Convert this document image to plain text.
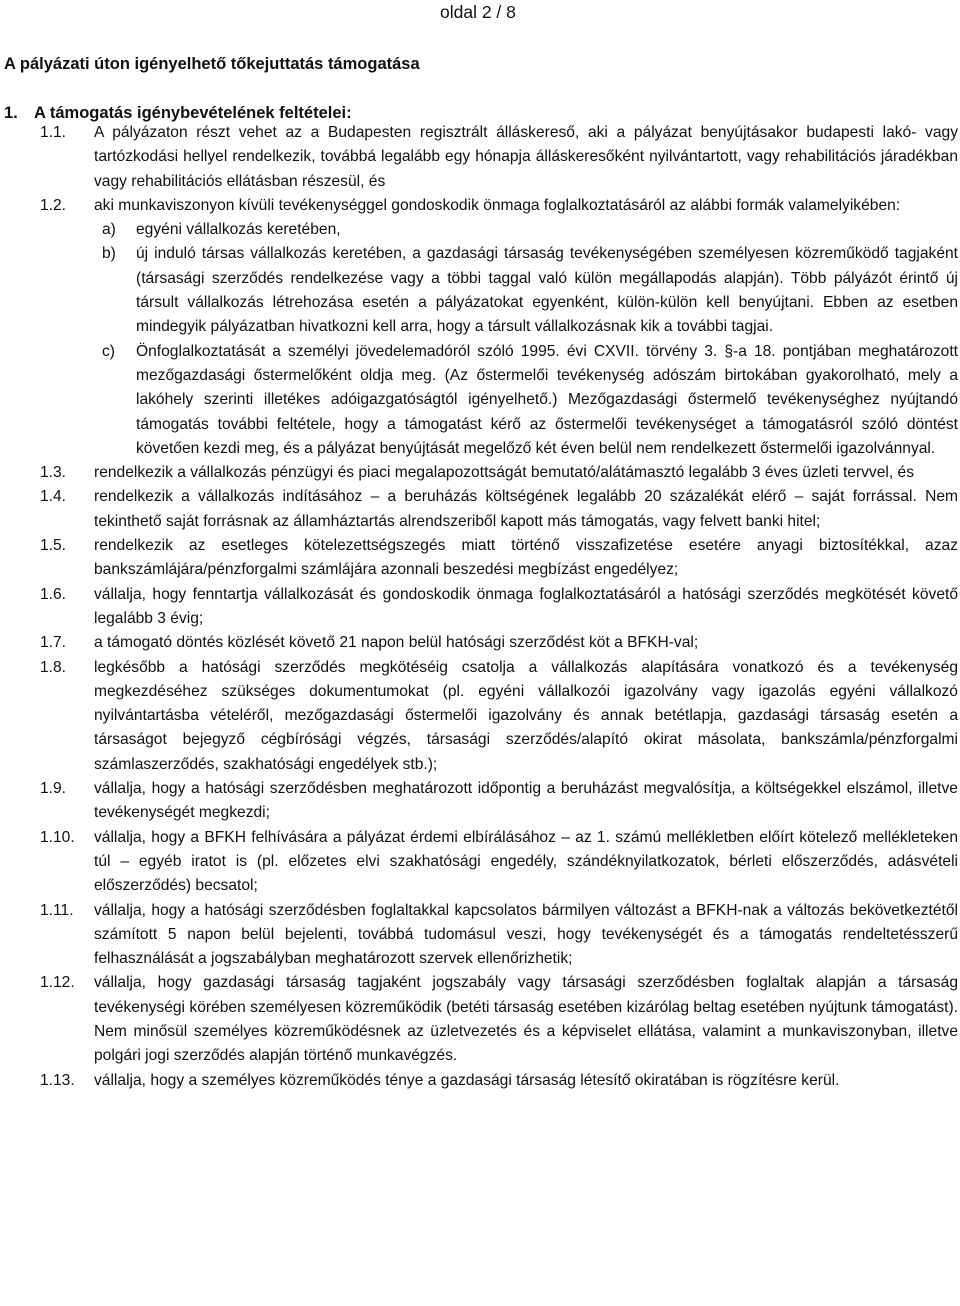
oldal 2 / 8
A pályázati úton igényelhető tőkejuttatás támogatása
1. A támogatás igénybevételének feltételei:
1.1. A pályázaton részt vehet az a Budapesten regisztrált álláskereső, aki a pályázat benyújtásakor budapesti lakó- vagy tartózkodási hellyel rendelkezik, továbbá legalább egy hónapja álláskeresőként nyilvántartott, vagy rehabilitációs járadékban vagy rehabilitációs ellátásban részesül, és
1.2. aki munkaviszonyon kívüli tevékenységgel gondoskodik önmaga foglalkoztatásáról az alábbi formák valamelyikében:
a) egyéni vállalkozás keretében,
b) új induló társas vállalkozás keretében, a gazdasági társaság tevékenységében személyesen közreműködő tagjaként (társasági szerződés rendelkezése vagy a többi taggal való külön megállapodás alapján). Több pályázót érintő új társult vállalkozás létrehozása esetén a pályázatokat egyenként, külön-külön kell benyújtani. Ebben az esetben mindegyik pályázatban hivatkozni kell arra, hogy a társult vállalkozásnak kik a további tagjai.
c) Önfoglalkoztatását a személyi jövedelemadóról szóló 1995. évi CXVII. törvény 3. §-a 18. pontjában meghatározott mezőgazdasági őstermelőként oldja meg. (Az őstermelői tevékenység adószám birtokában gyakorolható, mely a lakóhely szerinti illetékes adóigazgatóságtól igényelhető.) Mezőgazdasági őstermelő tevékenységhez nyújtandó támogatás további feltétele, hogy a támogatást kérő az őstermelői tevékenységet a támogatásról szóló döntést követően kezdi meg, és a pályázat benyújtását megelőző két éven belül nem rendelkezett őstermelői igazolvánnyal.
1.3. rendelkezik a vállalkozás pénzügyi és piaci megalapozottságát bemutató/alátámasztó legalább 3 éves üzleti tervvel, és
1.4. rendelkezik a vállalkozás indításához – a beruházás költségének legalább 20 százalékát elérő – saját forrással. Nem tekinthető saját forrásnak az államháztartás alrendszeriből kapott más támogatás, vagy felvett banki hitel;
1.5. rendelkezik az esetleges kötelezettségszegés miatt történő visszafizetése esetére anyagi biztosítékkal, azaz bankszámlájára/pénzforgalmi számlájára azonnali beszedési megbízást engedélyez;
1.6. vállalja, hogy fenntartja vállalkozását és gondoskodik önmaga foglalkoztatásáról a hatósági szerződés megkötését követő legalább 3 évig;
1.7. a támogató döntés közlését követő 21 napon belül hatósági szerződést köt a BFKH-val;
1.8. legkésőbb a hatósági szerződés megkötéséig csatolja a vállalkozás alapítására vonatkozó és a tevékenység megkezdéséhez szükséges dokumentumokat (pl. egyéni vállalkozói igazolvány vagy igazolás egyéni vállalkozó nyilvántartásba vételéről, mezőgazdasági őstermelői igazolvány és annak betétlapja, gazdasági társaság esetén a társaságot bejegyző cégbírósági végzés, társasági szerződés/alapító okirat másolata, bankszámla/pénzforgalmi számlaszerződés, szakhatósági engedélyek stb.);
1.9. vállalja, hogy a hatósági szerződésben meghatározott időpontig a beruházást megvalósítja, a költségekkel elszámol, illetve tevékenységét megkezdi;
1.10. vállalja, hogy a BFKH felhívására a pályázat érdemi elbírálásához – az 1. számú mellékletben előírt kötelező mellékleteken túl – egyéb iratot is (pl. előzetes elvi szakhatósági engedély, szándéknyilatkozatok, bérleti előszerződés, adásvételi előszerződés) becsatol;
1.11. vállalja, hogy a hatósági szerződésben foglaltakkal kapcsolatos bármilyen változást a BFKH-nak a változás bekövetkeztétől számított 5 napon belül bejelenti, továbbá tudomásul veszi, hogy tevékenységét és a támogatás rendeltetésszerű felhasználását a jogszabályban meghatározott szervek ellenőrizhetik;
1.12. vállalja, hogy gazdasági társaság tagjaként jogszabály vagy társasági szerződésben foglaltak alapján a társaság tevékenységi körében személyesen közreműködik (betéti társaság esetében kizárólag beltag esetében nyújtunk támogatást). Nem minősül személyes közreműködésnek az üzletvezetés és a képviselet ellátása, valamint a munkaviszonyban, illetve polgári jogi szerződés alapján történő munkavégzés.
1.13. vállalja, hogy a személyes közreműködés ténye a gazdasági társaság létesítő okiratában is rögzítésre kerül.
